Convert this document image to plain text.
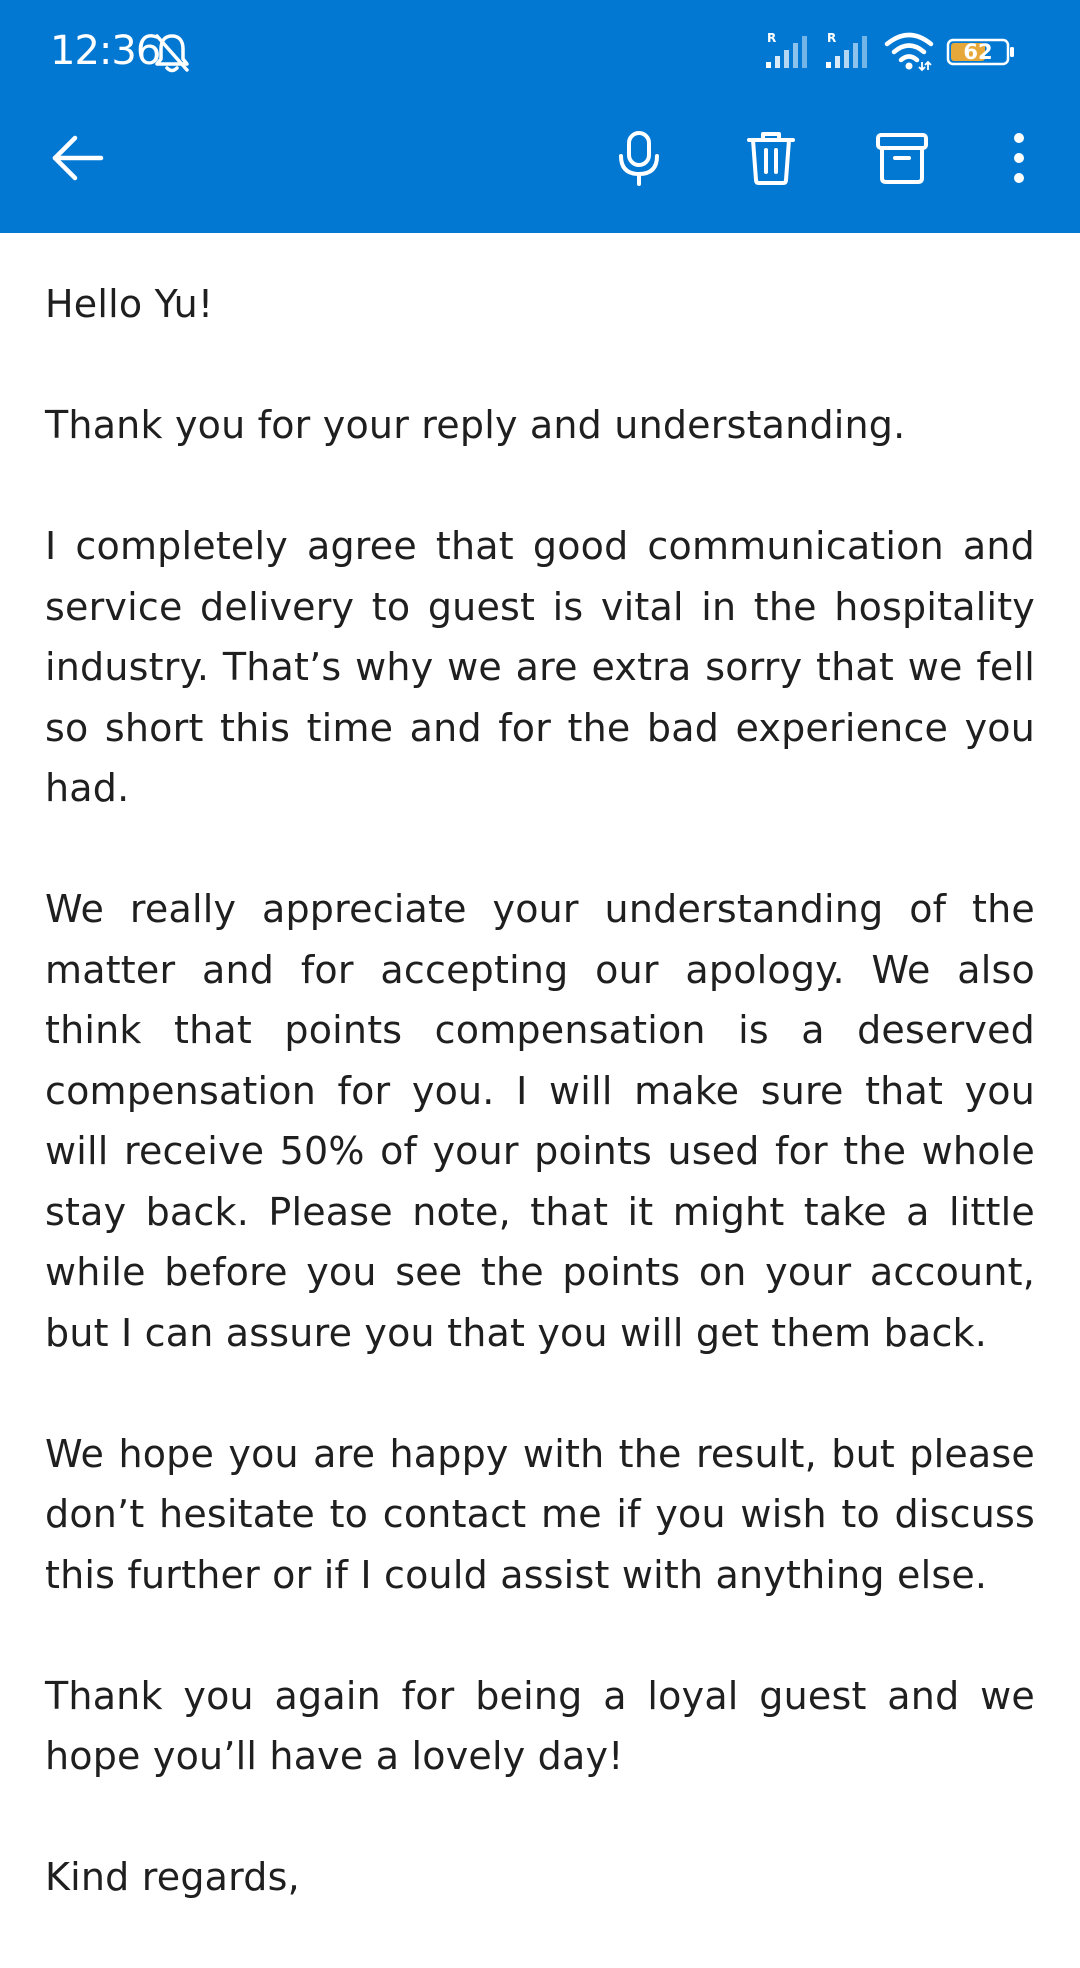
12:36	R	R
62

Hello Yu!

Thank you for your reply and understanding.

I completely agree that good communication and service delivery to guest is vital in the hospitality industry. That’s why we are extra sorry that we fell so short this time and for the bad experience you had.

We really appreciate your understanding of the matter and for accepting our apology. We also think that points compensation is a deserved compensation for you. I will make sure that you will receive 50% of your points used for the whole stay back. Please note, that it might take a little while before you see the points on your account, but I can assure you that you will get them back.

We hope you are happy with the result, but please don’t hesitate to contact me if you wish to discuss this further or if I could assist with anything else.

Thank you again for being a loyal guest and we hope you’ll have a lovely day!

Kind regards,
